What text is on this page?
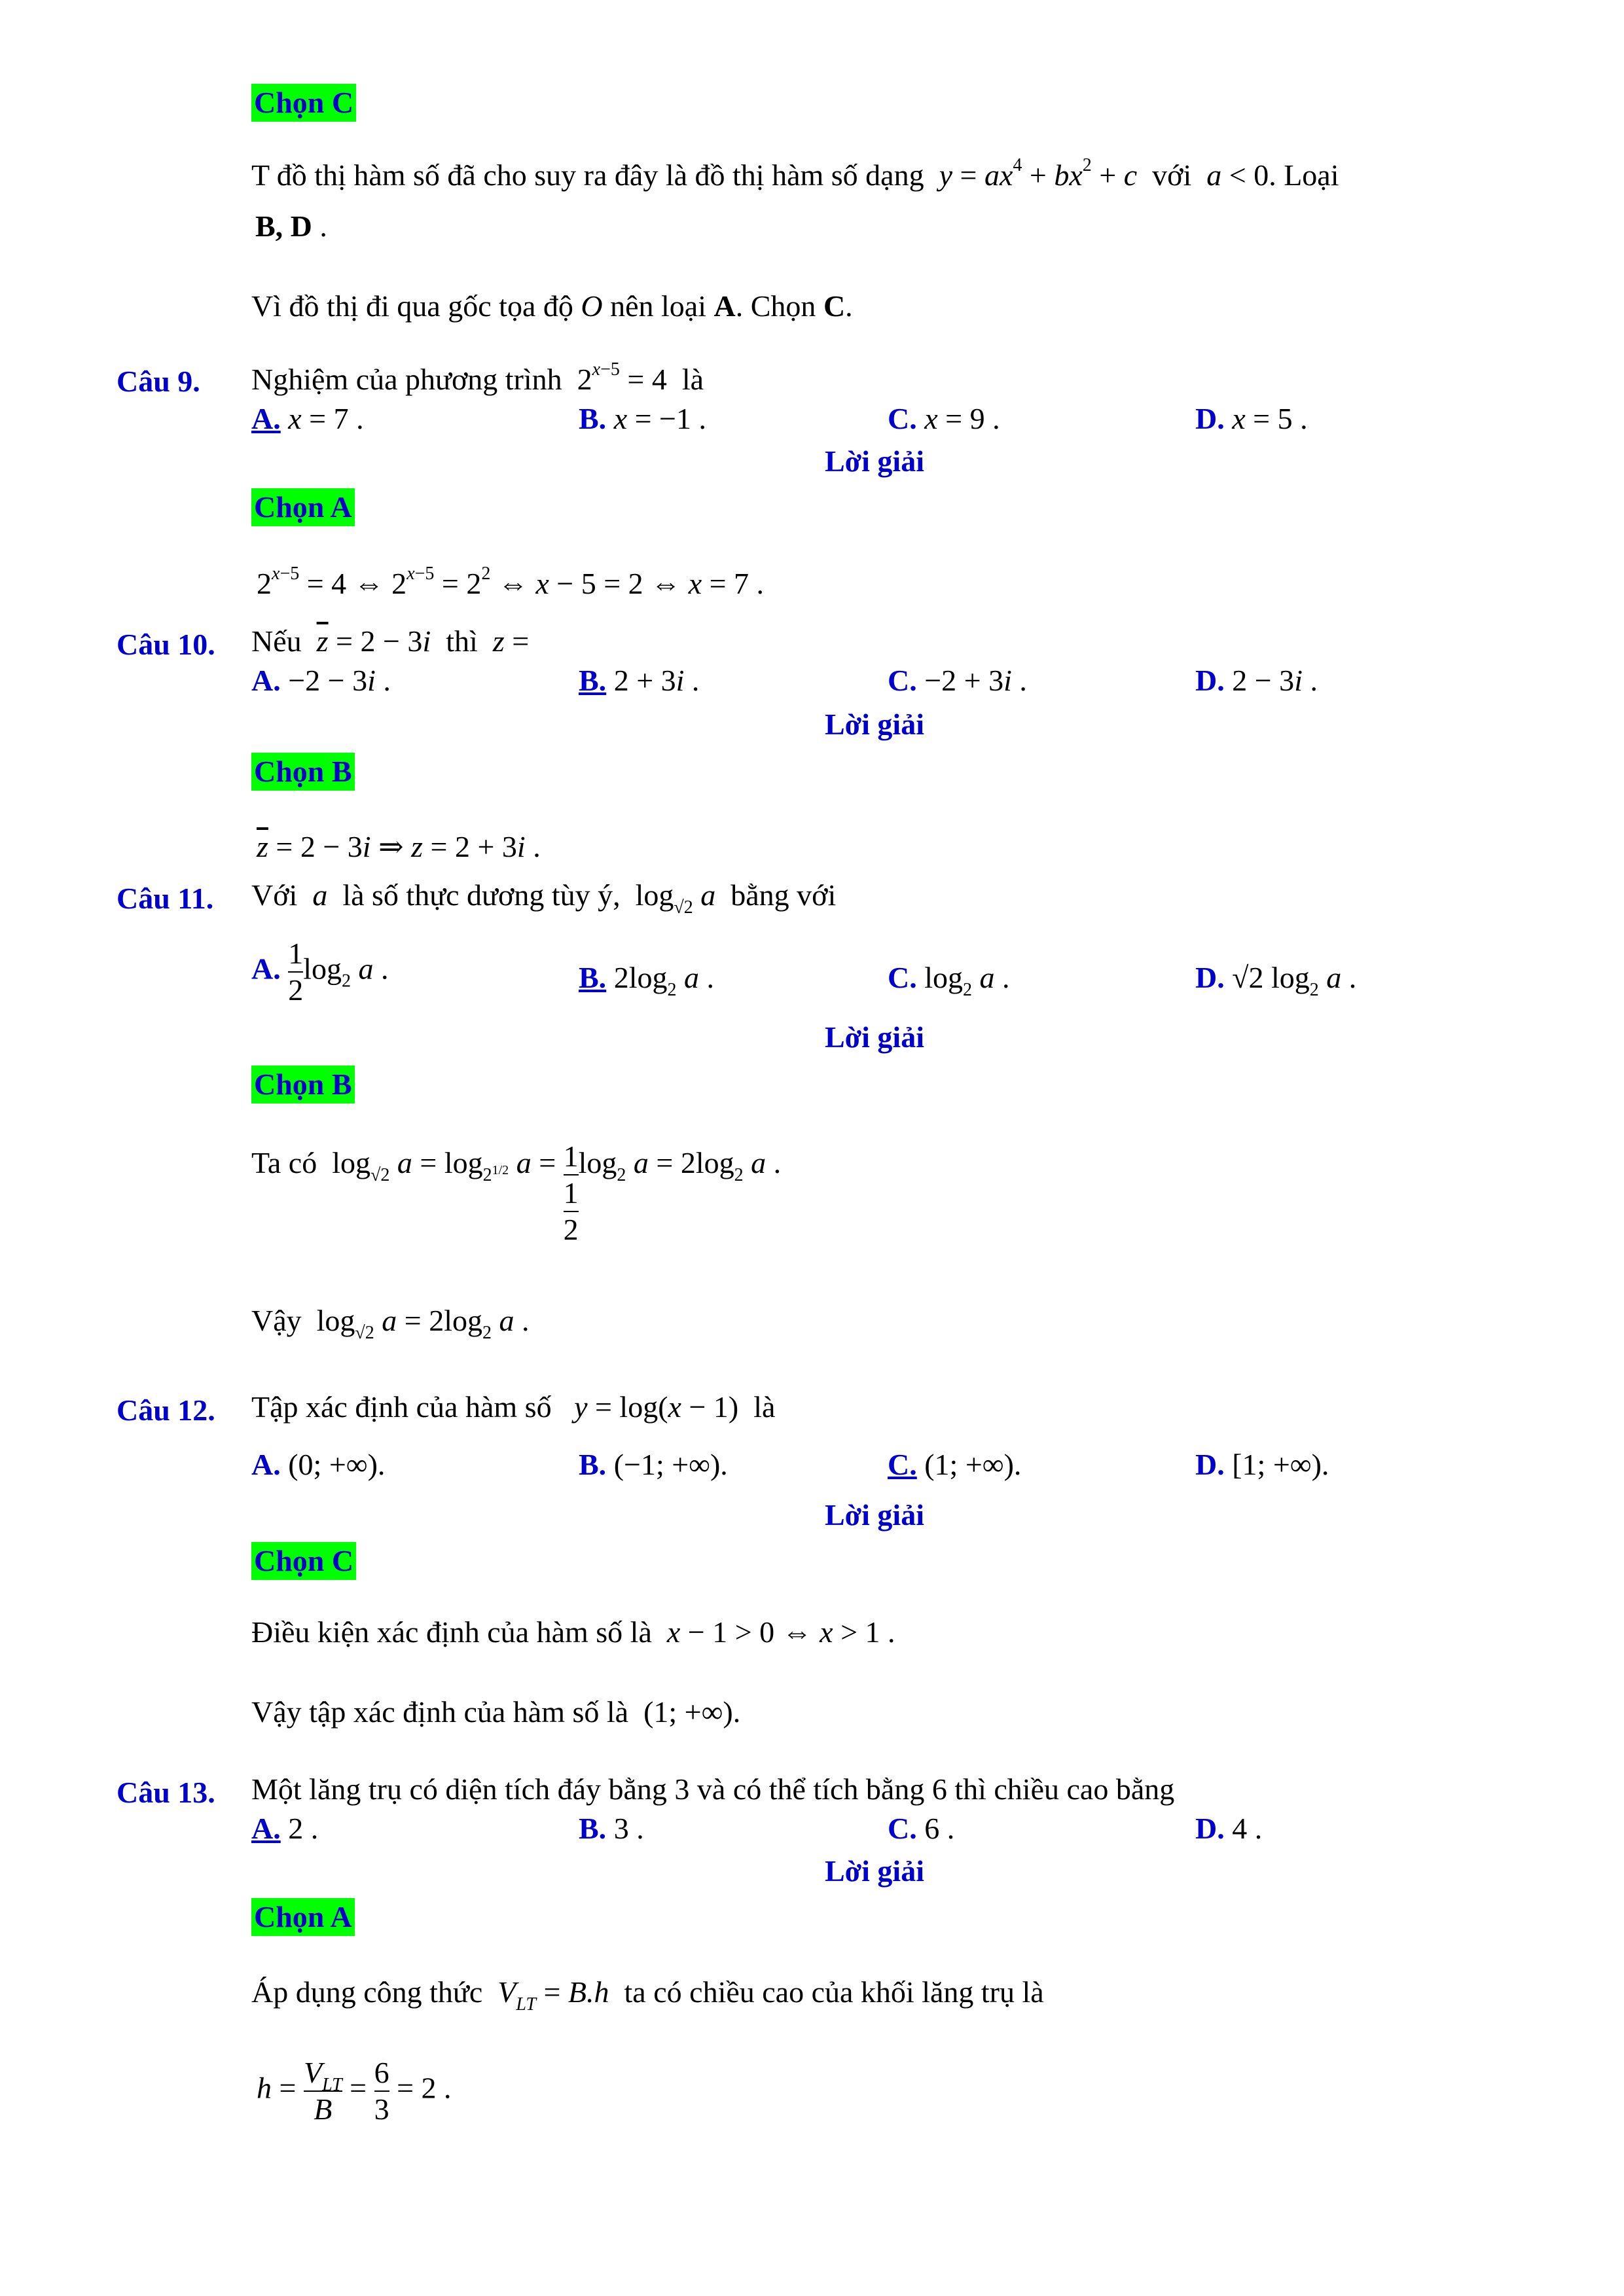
Chọn C
T đồ thị hàm số đã cho suy ra đây là đồ thị hàm số dạng $y = ax^4 + bx^2 + c$ với a < 0. Loại
B, D .
Vì đồ thị đi qua gốc tọa độ O nên loại A. Chọn C.
Câu 9. Nghiệm của phương trình  $2^{x-5} = 4$  là
A. x = 7 .	B. x = −1 .	C. x = 9 .	D. x = 5 .
Lời giải
Chọn A
$2^{x-5} = 4$ ⇔ $2^{x-5} = 2^2$ ⇔ x − 5 = 2 ⇔ x = 7 .
Câu 10. Nếu $\overline{z} = 2 - 3i$ thì z =
A. −2 − 3i .	B. 2 + 3i .	C. −2 + 3i .	D. 2 − 3i .
Lời giải
Chọn B
$\overline{z} = 2 - 3i$ ⇒ z = 2 + 3i .
Câu 11. Với a là số thực dương tùy ý,  $\log_{√2} a$ bằng với
A. $\frac{1}{2} \log_2 a$ .	B. $2\log_2$ a .	C. $\log_2 a$ .	D. √2 $\log_2 a$ .
Lời giải
Chọn B
Ta có  $\log_{√2} a = \log_{2^{1/2}} a = \frac{1}{\frac{1}{2}} \log_2 a = 2\log_2$ a .
Vậy  $\log_{√2} a = 2\log_2$ a .
Câu 12. Tập xác định của hàm số y = log(x − 1)  là
A. (0; +∞).	B. (−1; +∞).	C. (1; +∞).	D. [1; +∞).
Lời giải
Chọn C
Điều kiện xác định của hàm số là x − 1 > 0 ⇔ x > 1 .
Vậy tập xác định của hàm số là  (1; +∞).
Câu 13. Một lăng trụ có diện tích đáy bằng 3 và có thể tích bằng 6 thì chiều cao bằng
A. 2 .	B. 3 .	C. 6 .	D. 4 .
Lời giải
Chọn A
Áp dụng công thức $V_{LT} = B.h$ ta có chiều cao của khối lăng trụ là
$h = \frac{V_{LT}}{B} = \frac{6}{3} = 2$ .
